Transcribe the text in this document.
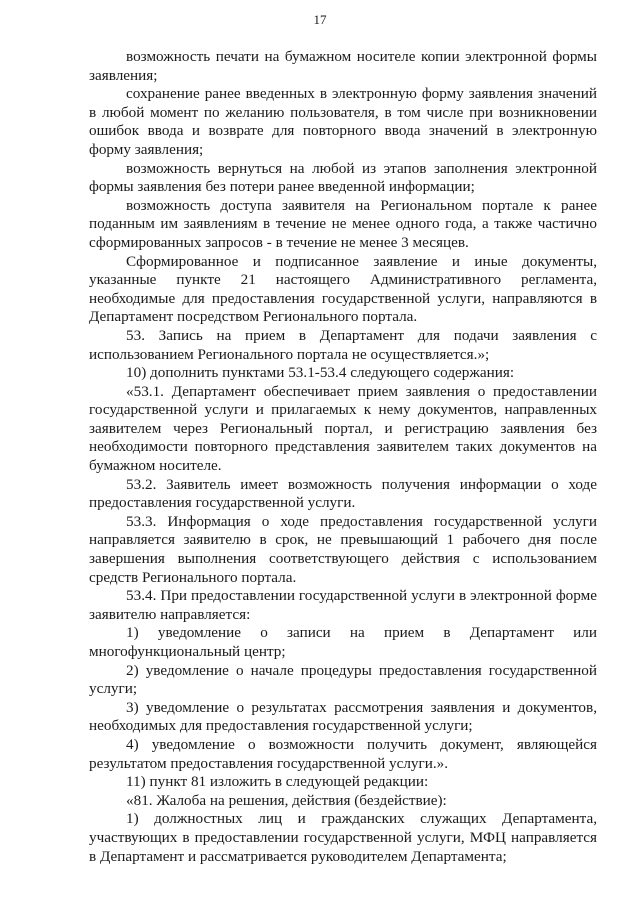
17

возможность печати на бумажном носителе копии электронной формы заявления;

сохранение ранее введенных в электронную форму заявления значений в любой момент по желанию пользователя, в том числе при возникновении ошибок ввода и возврате для повторного ввода значений в электронную форму заявления;

возможность вернуться на любой из этапов заполнения электронной формы заявления без потери ранее введенной информации;

возможность доступа заявителя на Региональном портале к ранее поданным им заявлениям в течение не менее одного года, а также частично сформированных запросов - в течение не менее 3 месяцев.

Сформированное и подписанное заявление и иные документы, указанные пункте 21 настоящего Административного регламента, необходимые для предоставления государственной услуги, направляются в Департамент посредством Регионального портала.

53. Запись на прием в Департамент для подачи заявления с использованием Регионального портала не осуществляется.»;

10) дополнить пунктами 53.1-53.4 следующего содержания:

«53.1. Департамент обеспечивает прием заявления о предоставлении государственной услуги и прилагаемых к нему документов, направленных заявителем через Региональный портал, и регистрацию заявления без необходимости повторного представления заявителем таких документов на бумажном носителе.

53.2. Заявитель имеет возможность получения информации о ходе предоставления государственной услуги.

53.3. Информация о ходе предоставления государственной услуги направляется заявителю в срок, не превышающий 1 рабочего дня после завершения выполнения соответствующего действия с использованием средств Регионального портала.

53.4. При предоставлении государственной услуги в электронной форме заявителю направляется:

1) уведомление о записи на прием в Департамент или многофункциональный центр;

2) уведомление о начале процедуры предоставления государственной услуги;

3) уведомление о результатах рассмотрения заявления и документов, необходимых для предоставления государственной услуги;

4) уведомление о возможности получить документ, являющейся результатом предоставления государственной услуги.».

11) пункт 81 изложить в следующей редакции:

«81. Жалоба на решения, действия (бездействие):

1) должностных лиц и гражданских служащих Департамента, участвующих в предоставлении государственной услуги, МФЦ направляется в Департамент и рассматривается руководителем Департамента;
